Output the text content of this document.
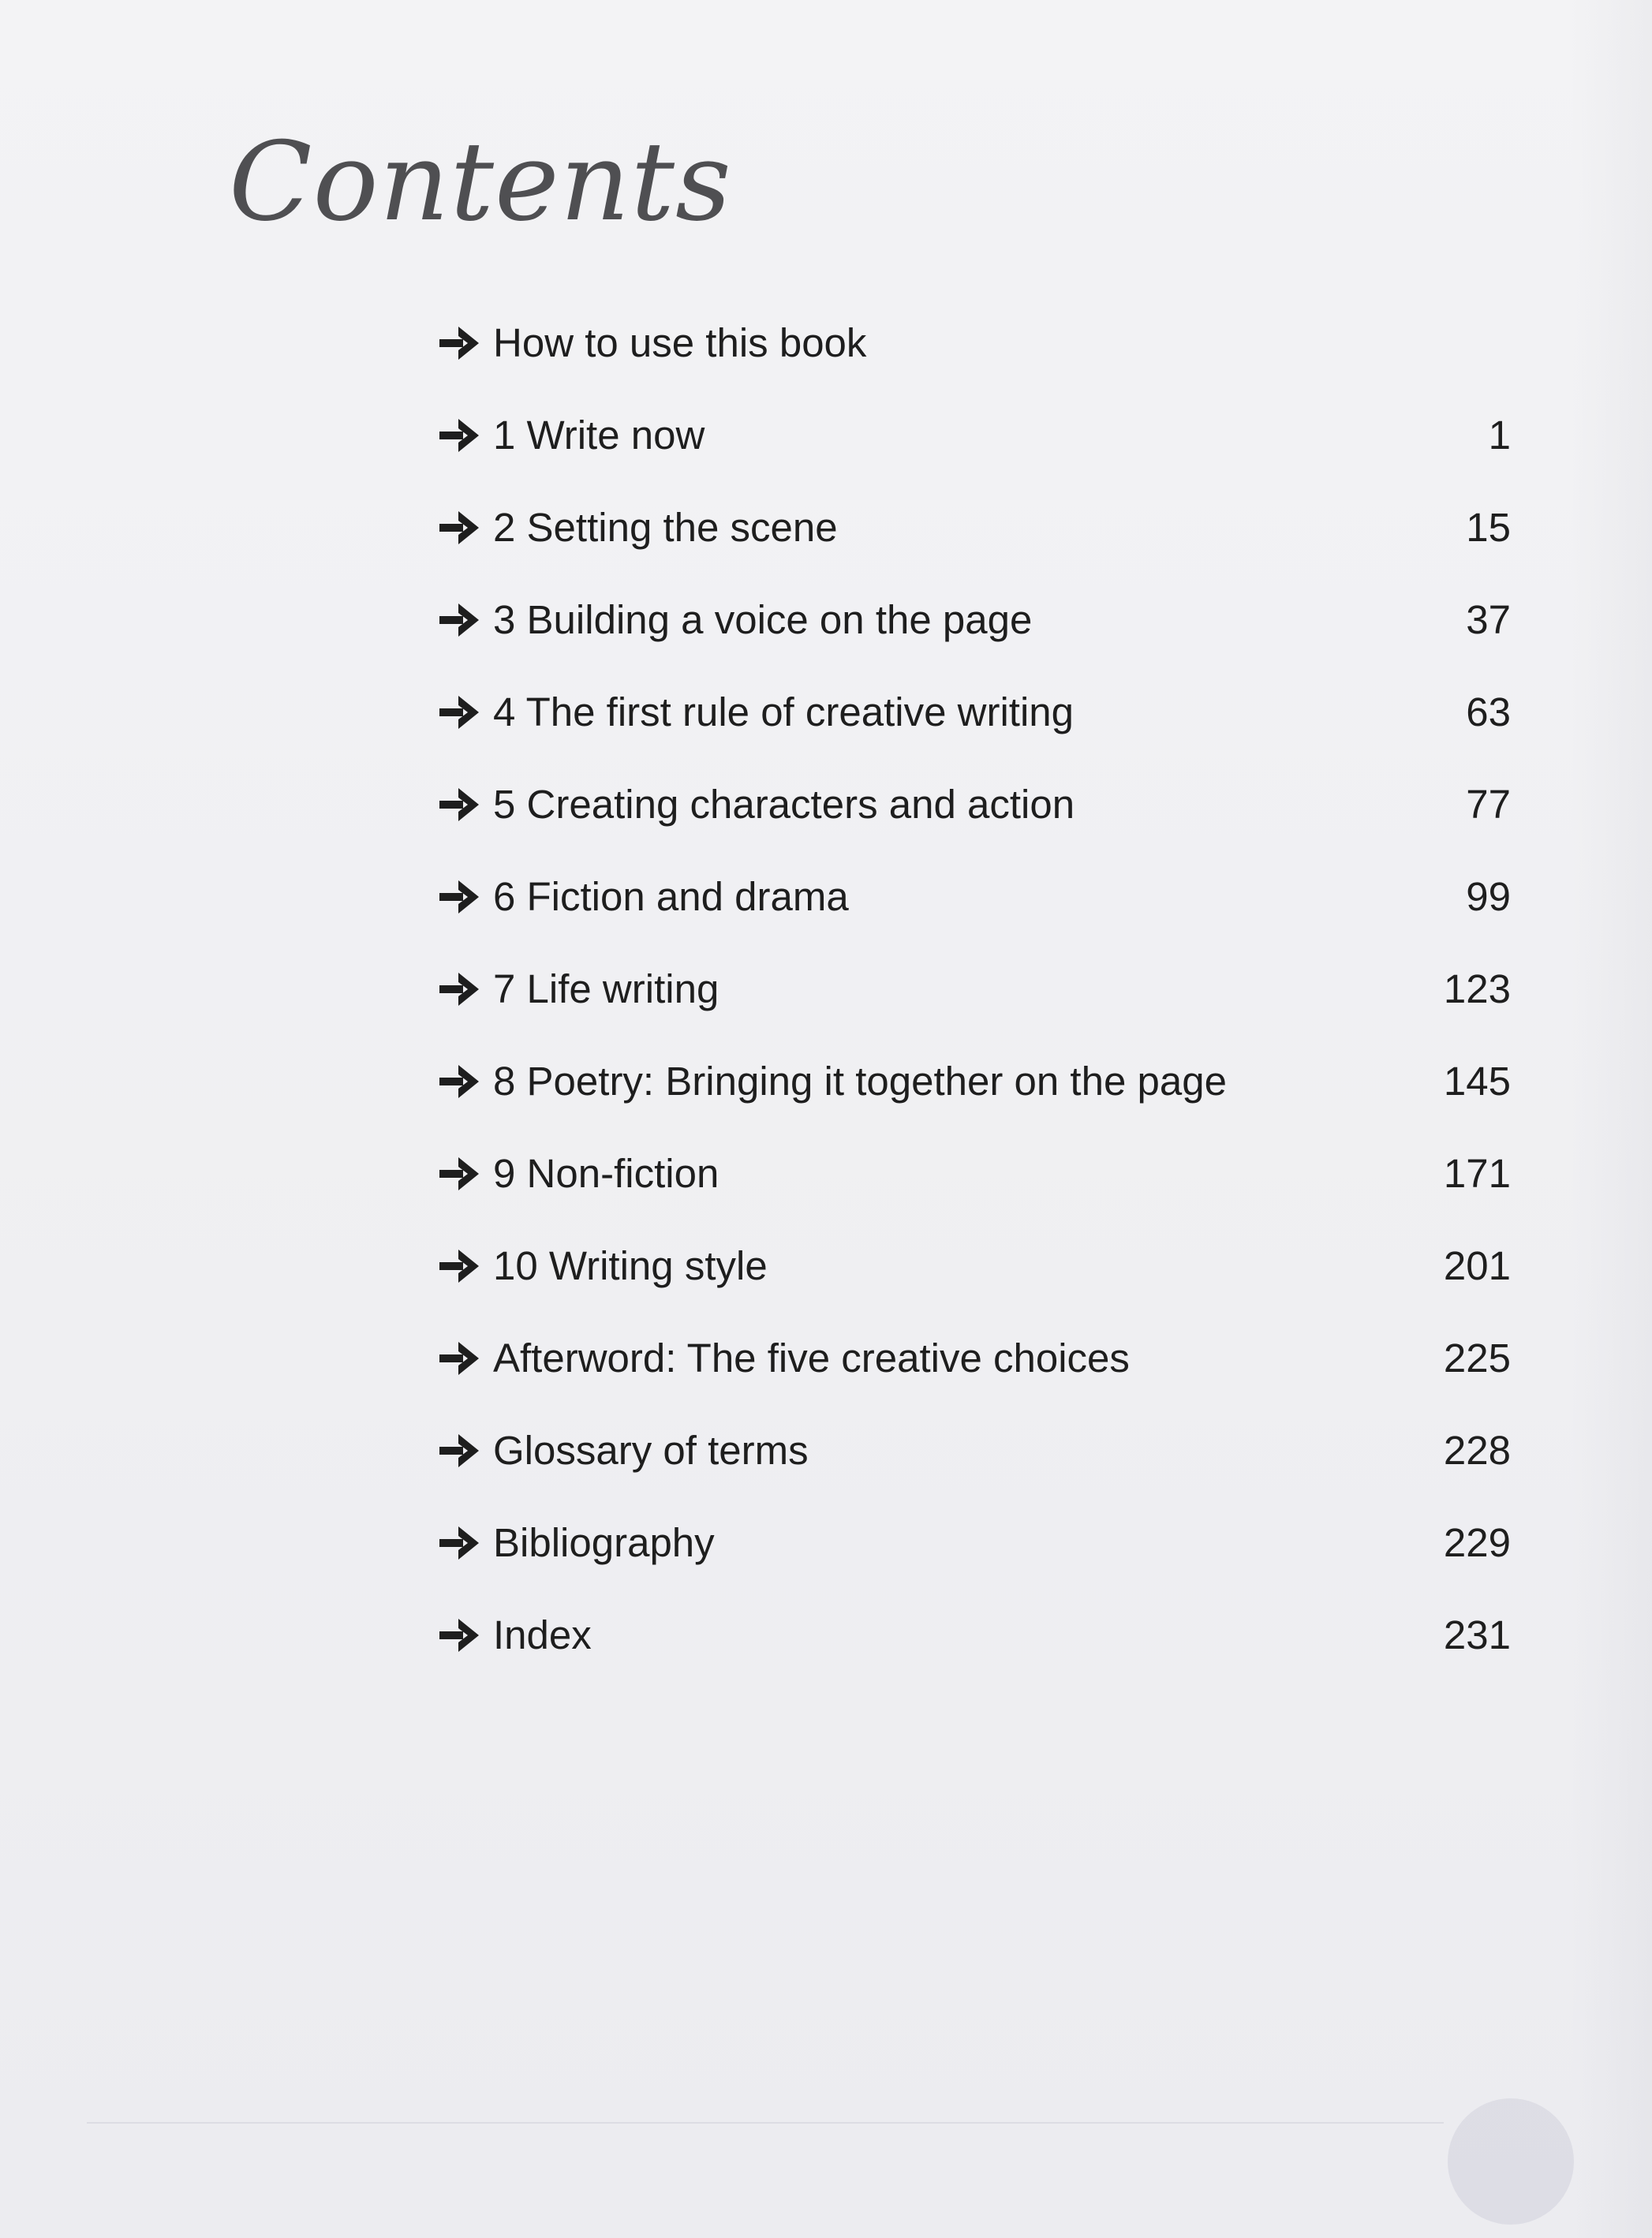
Contents
How to use this book
1 Write now	1
2 Setting the scene	15
3 Building a voice on the page	37
4 The first rule of creative writing	63
5 Creating characters and action	77
6 Fiction and drama	99
7 Life writing	123
8 Poetry: Bringing it together on the page	145
9 Non-fiction	171
10 Writing style	201
Afterword: The five creative choices	225
Glossary of terms	228
Bibliography	229
Index	231
